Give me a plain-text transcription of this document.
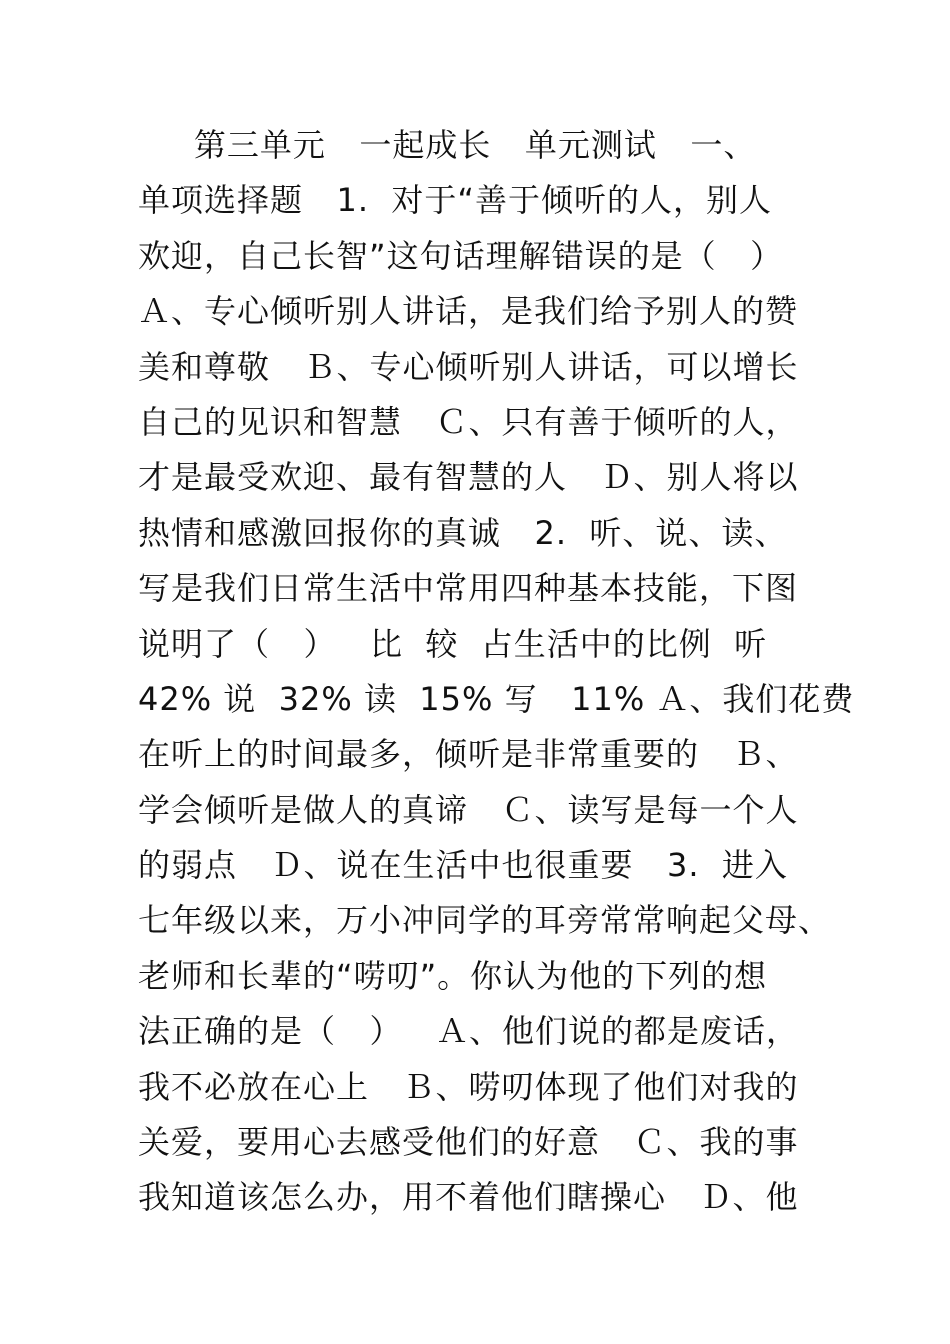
第三单元   一起成长   单元测试   一、
单项选择题   1.  对于“善于倾听的人，别人
欢迎，自己长智”这句话理解错误的是（   ）
Ａ、专心倾听别人讲话，是我们给予别人的赞
美和尊敬   Ｂ、专心倾听别人讲话，可以增长
自己的见识和智慧   Ｃ、只有善于倾听的人，
才是最受欢迎、最有智慧的人   Ｄ、别人将以
热情和感激回报你的真诚   2.  听、说、读、
写是我们日常生活中常用四种基本技能，下图
说明了（   ）   比  较  占生活中的比例  听
42% 说  32% 读  15% 写   11% Ａ、我们花费
在听上的时间最多，倾听是非常重要的   Ｂ、
学会倾听是做人的真谛   Ｃ、读写是每一个人
的弱点   Ｄ、说在生活中也很重要   3.  进入
七年级以来，万小冲同学的耳旁常常响起父母、
老师和长辈的“唠叨”。你认为他的下列的想
法正确的是（   ）   Ａ、他们说的都是废话，
我不必放在心上   Ｂ、唠叨体现了他们对我的
关爱，要用心去感受他们的好意   Ｃ、我的事
我知道该怎么办，用不着他们瞎操心   Ｄ、他
